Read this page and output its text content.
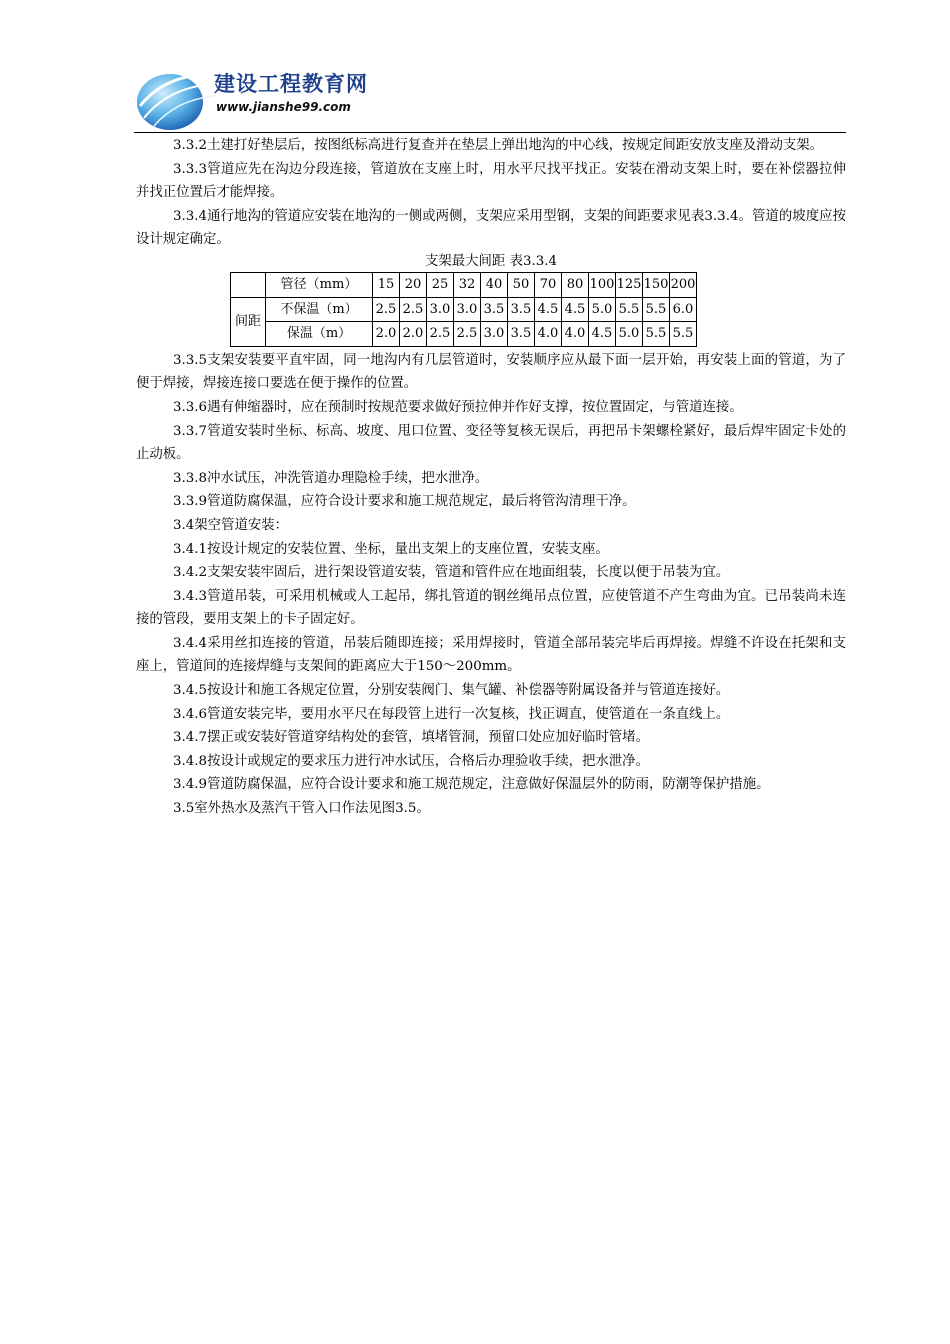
建设工程教育网
www.jianshe99.com

3.3.2土建打好垫层后，按图纸标高进行复查并在垫层上弹出地沟的中心线，按规定间距安放支座及滑动支架。

3.3.3管道应先在沟边分段连接，管道放在支座上时，用水平尺找平找正。安装在滑动支架上时，要在补偿器拉伸并找正位置后才能焊接。

3.3.4通行地沟的管道应安装在地沟的一侧或两侧，支架应采用型钢，支架的间距要求见表3.3.4。管道的坡度应按设计规定确定。

支架最大间距 表3.3.4
	管径（mm）	15	20	25	32	40	50	70	80	100	125	150	200
间距	不保温（m）	2.5	2.5	3.0	3.0	3.5	3.5	4.5	4.5	5.0	5.5	5.5	6.0
	保温（m）	2.0	2.0	2.5	2.5	3.0	3.5	4.0	4.0	4.5	5.0	5.5	5.5

3.3.5支架安装要平直牢固，同一地沟内有几层管道时，安装顺序应从最下面一层开始，再安装上面的管道，为了便于焊接，焊接连接口要选在便于操作的位置。

3.3.6遇有伸缩器时，应在预制时按规范要求做好预拉伸并作好支撑，按位置固定，与管道连接。

3.3.7管道安装时坐标、标高、坡度、甩口位置、变径等复核无误后，再把吊卡架螺栓紧好，最后焊牢固定卡处的止动板。

3.3.8冲水试压，冲洗管道办理隐检手续，把水泄净。

3.3.9管道防腐保温，应符合设计要求和施工规范规定，最后将管沟清理干净。

3.4架空管道安装：

3.4.1按设计规定的安装位置、坐标，量出支架上的支座位置，安装支座。

3.4.2支架安装牢固后，进行架设管道安装，管道和管件应在地面组装，长度以便于吊装为宜。

3.4.3管道吊装，可采用机械或人工起吊，绑扎管道的钢丝绳吊点位置，应使管道不产生弯曲为宜。已吊装尚未连接的管段，要用支架上的卡子固定好。

3.4.4采用丝扣连接的管道，吊装后随即连接；采用焊接时，管道全部吊装完毕后再焊接。焊缝不许设在托架和支座上，管道间的连接焊缝与支架间的距离应大于150～200mm。

3.4.5按设计和施工各规定位置，分别安装阀门、集气罐、补偿器等附属设备并与管道连接好。

3.4.6管道安装完毕，要用水平尺在每段管上进行一次复核，找正调直，使管道在一条直线上。

3.4.7摆正或安装好管道穿结构处的套管，填堵管洞，预留口处应加好临时管堵。

3.4.8按设计或规定的要求压力进行冲水试压，合格后办理验收手续，把水泄净。

3.4.9管道防腐保温，应符合设计要求和施工规范规定，注意做好保温层外的防雨，防潮等保护措施。

3.5室外热水及蒸汽干管入口作法见图3.5。
